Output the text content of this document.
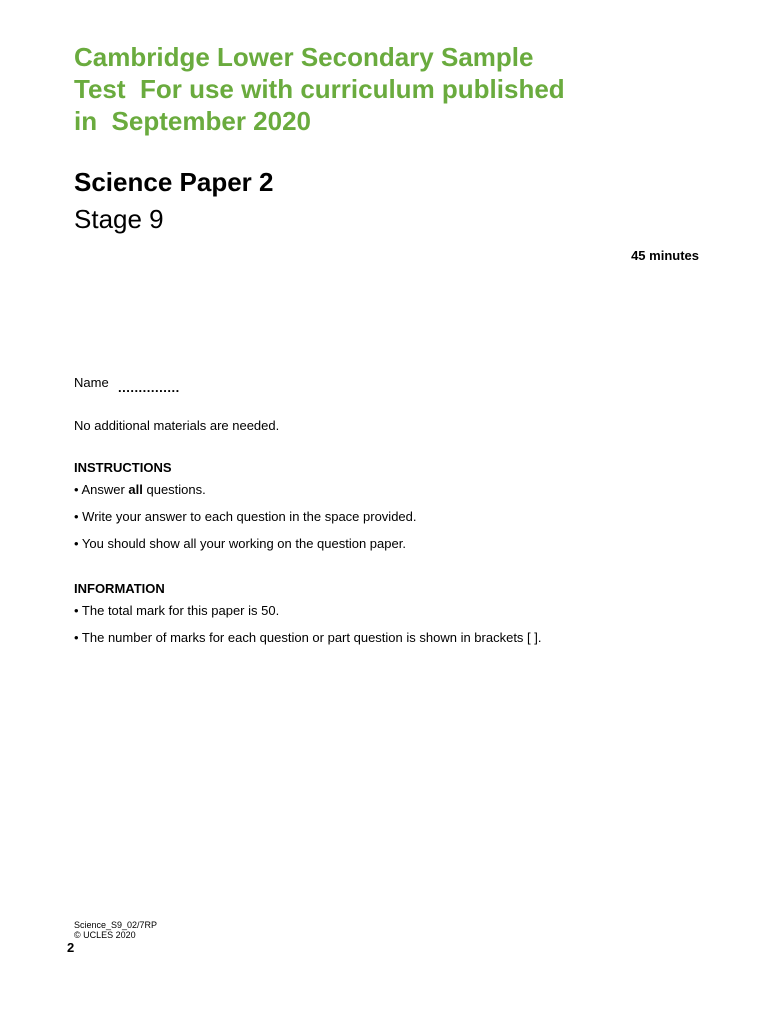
Cambridge Lower Secondary Sample
Test  For use with curriculum published
in  September 2020
Science Paper 2
Stage 9
45 minutes
Name ...............
No additional materials are needed.
INSTRUCTIONS
• Answer all questions.
• Write your answer to each question in the space provided.
• You should show all your working on the question paper.
INFORMATION
• The total mark for this paper is 50.
• The number of marks for each question or part question is shown in brackets [ ].
Science_S9_02/7RP
© UCLES 2020
2
